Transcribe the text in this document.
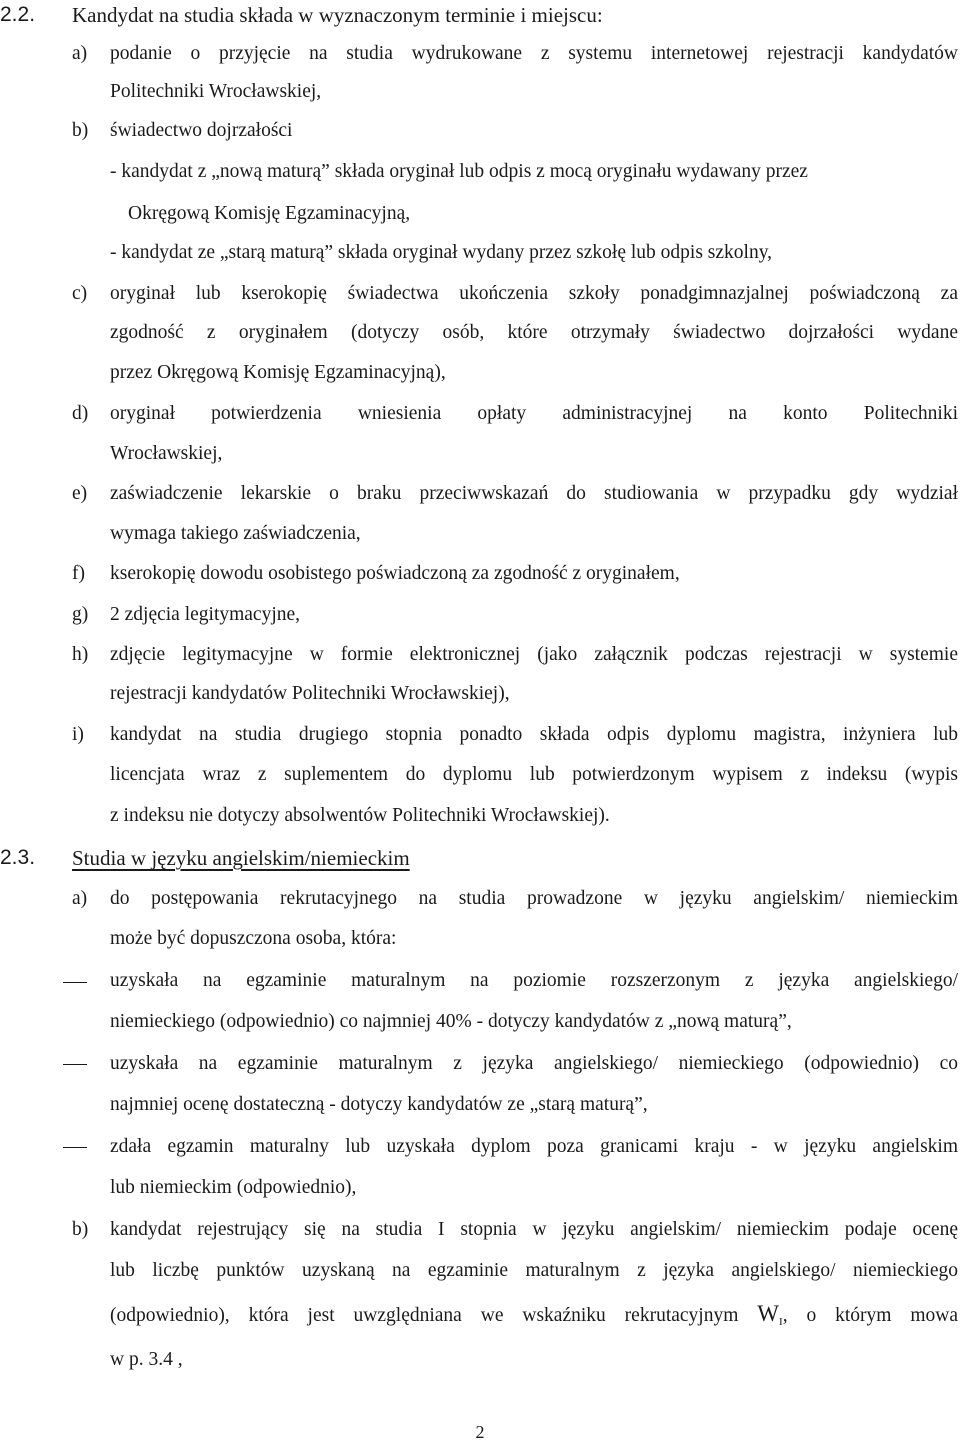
2.2. Kandydat na studia składa w wyznaczonym terminie i miejscu:
a) podanie o przyjęcie na studia wydrukowane z systemu internetowej rejestracji kandydatów
Politechniki Wrocławskiej,
b) świadectwo dojrzałości
- kandydat z „nową maturą” składa oryginał lub odpis z mocą oryginału wydawany przez
Okręgową Komisję Egzaminacyjną,
- kandydat ze „starą maturą” składa oryginał wydany przez szkołę lub odpis szkolny,
c) oryginał lub kserokopię świadectwa ukończenia szkoły ponadgimnazjalnej poświadczoną za
zgodność z oryginałem (dotyczy osób, które otrzymały świadectwo dojrzałości wydane
przez Okręgową Komisję Egzaminacyjną),
d) oryginał potwierdzenia wniesienia opłaty administracyjnej na konto Politechniki
Wrocławskiej,
e) zaświadczenie lekarskie o braku przeciwwskazań do studiowania w przypadku gdy wydział
wymaga takiego zaświadczenia,
f) kserokopię dowodu osobistego poświadczoną za zgodność z oryginałem,
g) 2 zdjęcia legitymacyjne,
h) zdjęcie legitymacyjne w formie elektronicznej (jako załącznik podczas rejestracji w systemie
rejestracji kandydatów Politechniki Wrocławskiej),
i) kandydat na studia drugiego stopnia ponadto składa odpis dyplomu magistra, inżyniera lub
licencjata wraz z suplementem do dyplomu lub potwierdzonym wypisem z indeksu (wypis
z indeksu nie dotyczy absolwentów Politechniki Wrocławskiej).
2.3. Studia w języku angielskim/niemieckim
a) do postępowania rekrutacyjnego na studia prowadzone w języku angielskim/ niemieckim
może być dopuszczona osoba, która:
uzyskała na egzaminie maturalnym na poziomie rozszerzonym z języka angielskiego/
niemieckiego (odpowiednio) co najmniej 40% - dotyczy kandydatów z „nową maturą”,
uzyskała na egzaminie maturalnym z języka angielskiego/ niemieckiego (odpowiednio) co
najmniej ocenę dostateczną - dotyczy kandydatów ze „starą maturą”,
zdała egzamin maturalny lub uzyskała dyplom poza granicami kraju - w języku angielskim
lub niemieckim (odpowiednio),
b) kandydat rejestrujący się na studia I stopnia w języku angielskim/ niemieckim podaje ocenę
lub liczbę punktów uzyskaną na egzaminie maturalnym z języka angielskiego/ niemieckiego
(odpowiednio), która jest uwzględniana we wskaźniku rekrutacyjnym $W_I$, o którym mowa
w p. 3.4 ,
2
